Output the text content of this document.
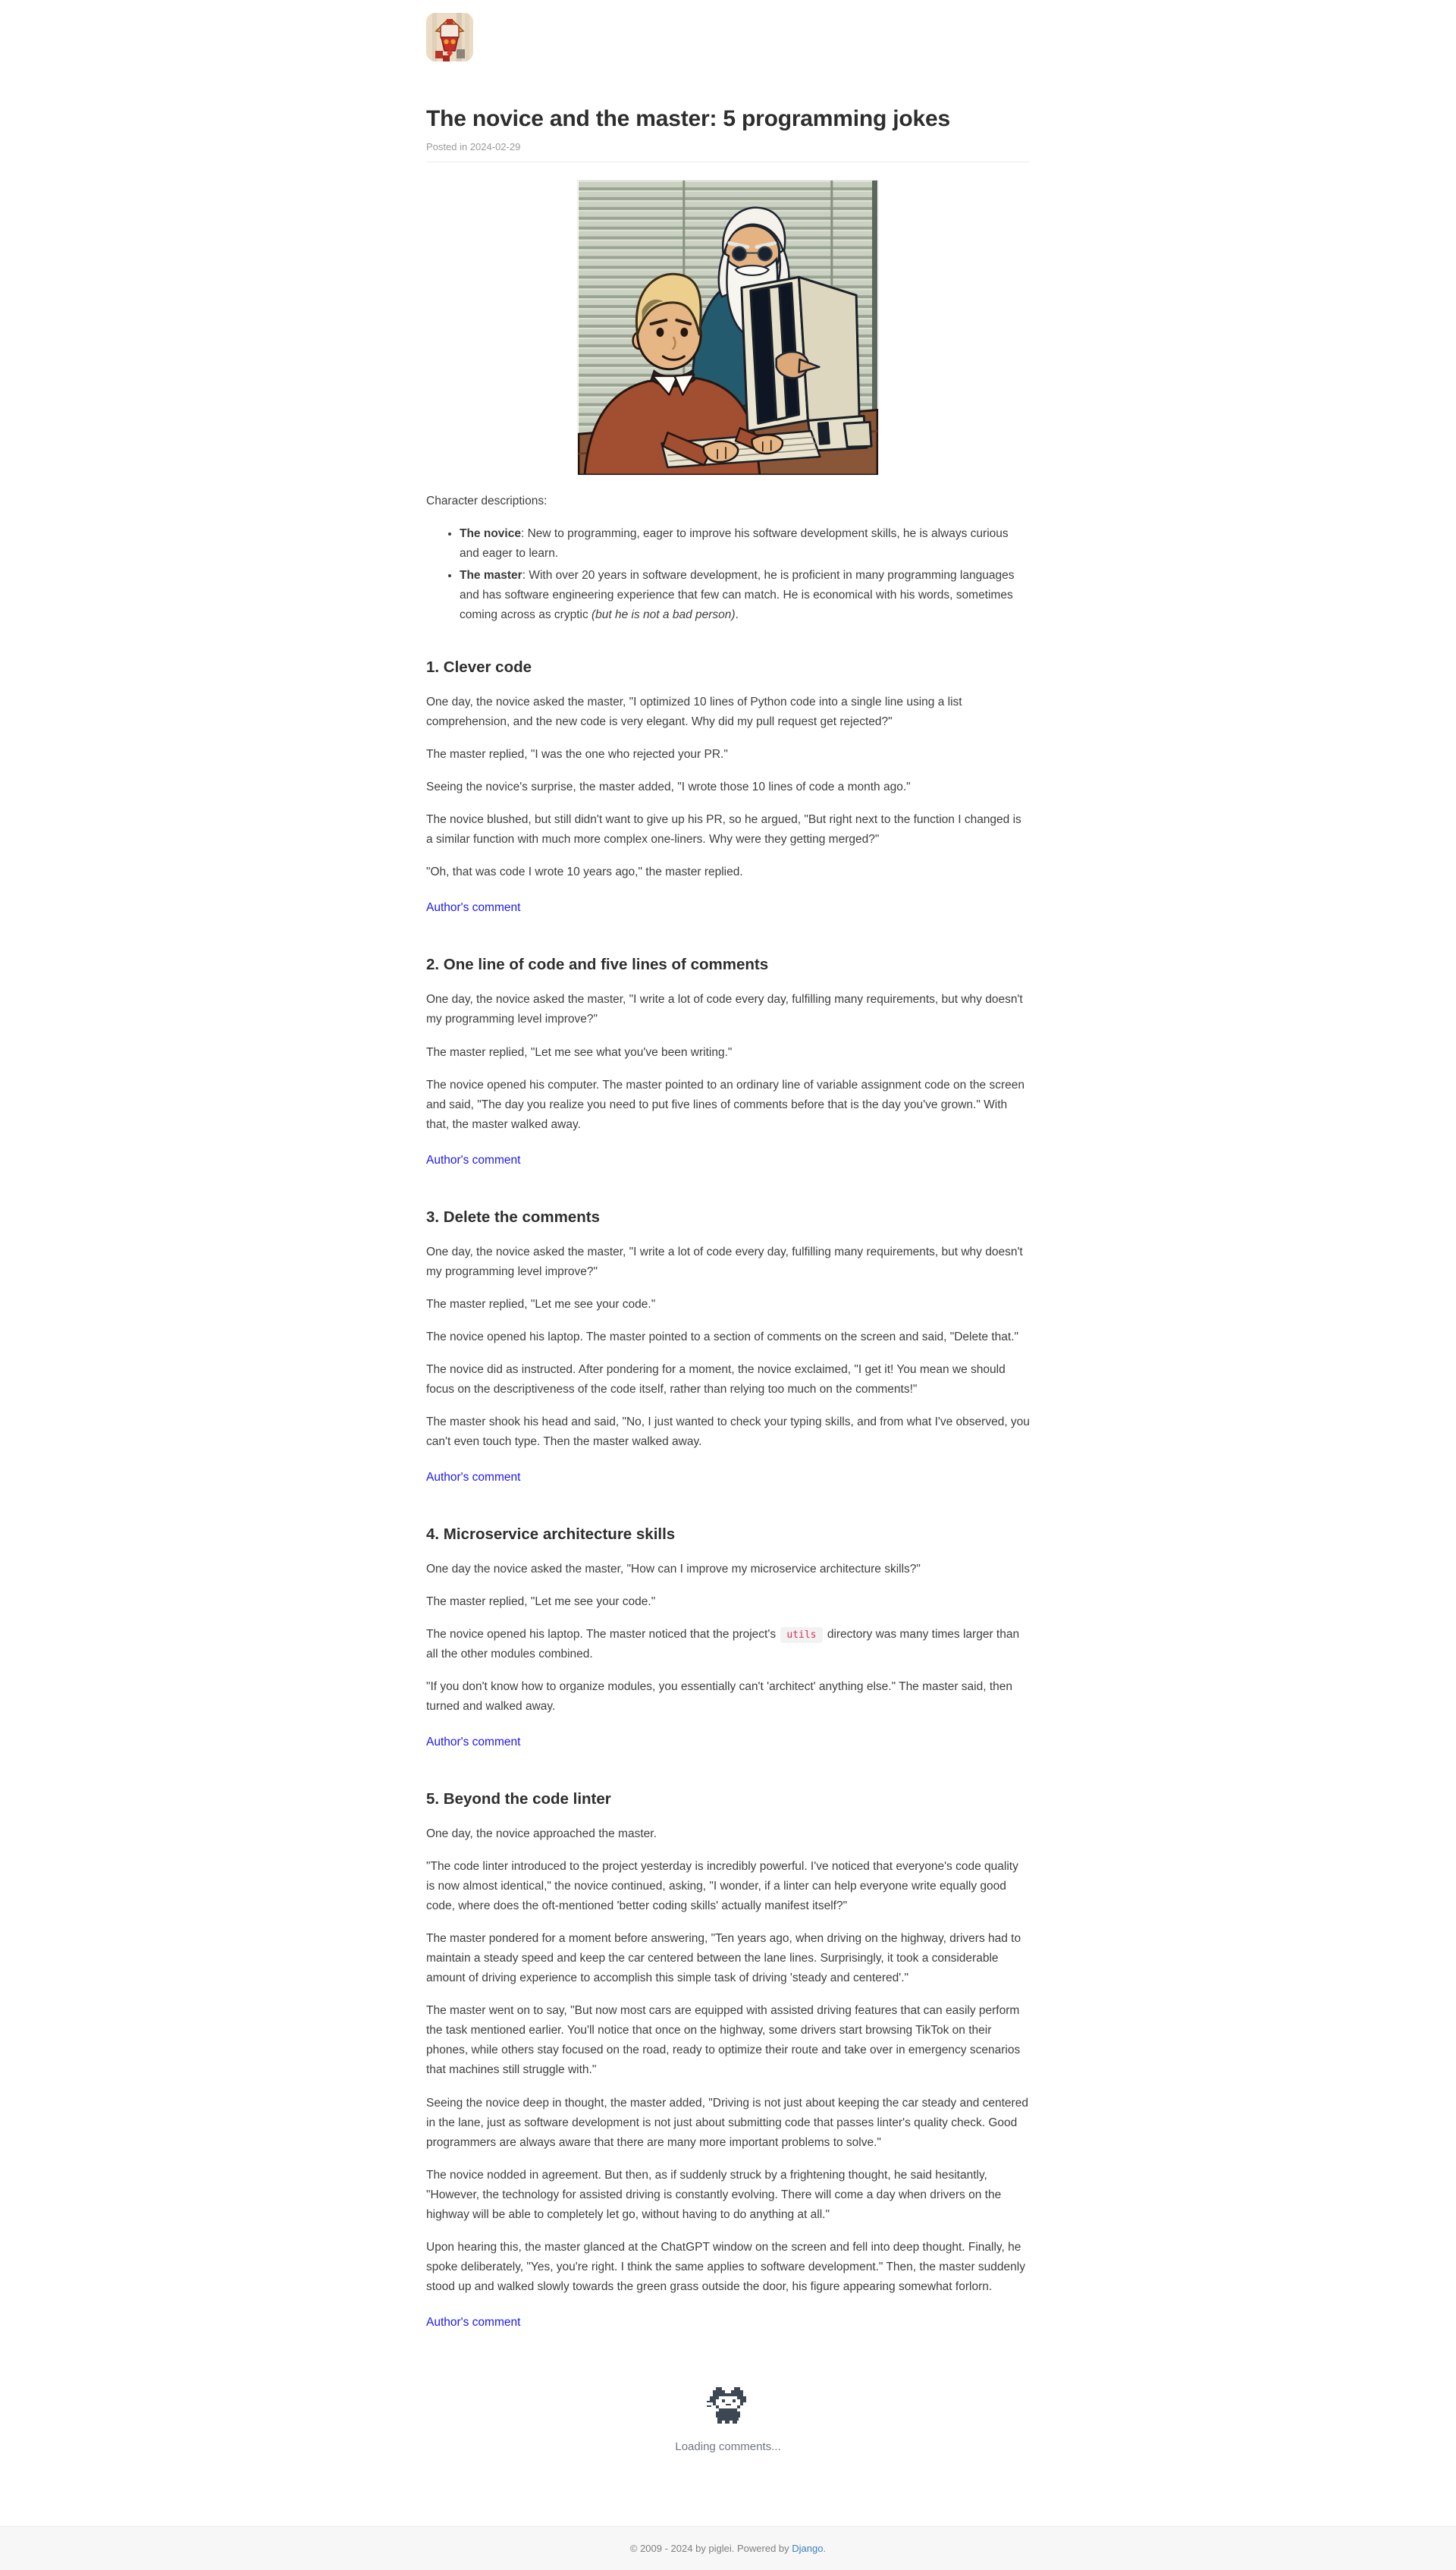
The novice and the master: 5 programming jokes

Posted in 2024-02-29

Character descriptions:

• The novice: New to programming, eager to improve his software development skills, he is always curious and eager to learn.
• The master: With over 20 years in software development, he is proficient in many programming languages and has software engineering experience that few can match. He is economical with his words, sometimes coming across as cryptic (but he is not a bad person).
1. Clever code

One day, the novice asked the master, "I optimized 10 lines of Python code into a single line using a list comprehension, and the new code is very elegant. Why did my pull request get rejected?"

The master replied, "I was the one who rejected your PR."

Seeing the novice's surprise, the master added, "I wrote those 10 lines of code a month ago."

The novice blushed, but still didn't want to give up his PR, so he argued, "But right next to the function I changed is a similar function with much more complex one-liners. Why were they getting merged?"

"Oh, that was code I wrote 10 years ago," the master replied.

Author's comment
2. One line of code and five lines of comments

One day, the novice asked the master, "I write a lot of code every day, fulfilling many requirements, but why doesn't my programming level improve?"

The master replied, "Let me see what you've been writing."

The novice opened his computer. The master pointed to an ordinary line of variable assignment code on the screen and said, "The day you realize you need to put five lines of comments before that is the day you've grown." With that, the master walked away.

Author's comment
3. Delete the comments

One day, the novice asked the master, "I write a lot of code every day, fulfilling many requirements, but why doesn't my programming level improve?"

The master replied, "Let me see your code."

The novice opened his laptop. The master pointed to a section of comments on the screen and said, "Delete that."

The novice did as instructed. After pondering for a moment, the novice exclaimed, "I get it! You mean we should focus on the descriptiveness of the code itself, rather than relying too much on the comments!"

The master shook his head and said, "No, I just wanted to check your typing skills, and from what I've observed, you can't even touch type. Then the master walked away.

Author's comment
4. Microservice architecture skills

One day the novice asked the master, "How can I improve my microservice architecture skills?"

The master replied, "Let me see your code."

The novice opened his laptop. The master noticed that the project's utils directory was many times larger than all the other modules combined.

"If you don't know how to organize modules, you essentially can't 'architect' anything else." The master said, then turned and walked away.

Author's comment
5. Beyond the code linter

One day, the novice approached the master.

"The code linter introduced to the project yesterday is incredibly powerful. I've noticed that everyone's code quality is now almost identical," the novice continued, asking, "I wonder, if a linter can help everyone write equally good code, where does the oft-mentioned 'better coding skills' actually manifest itself?"

The master pondered for a moment before answering, "Ten years ago, when driving on the highway, drivers had to maintain a steady speed and keep the car centered between the lane lines. Surprisingly, it took a considerable amount of driving experience to accomplish this simple task of driving 'steady and centered'."

The master went on to say, "But now most cars are equipped with assisted driving features that can easily perform the task mentioned earlier. You'll notice that once on the highway, some drivers start browsing TikTok on their phones, while others stay focused on the road, ready to optimize their route and take over in emergency scenarios that machines still struggle with."

Seeing the novice deep in thought, the master added, "Driving is not just about keeping the car steady and centered in the lane, just as software development is not just about submitting code that passes linter's quality check. Good programmers are always aware that there are many more important problems to solve."

The novice nodded in agreement. But then, as if suddenly struck by a frightening thought, he said hesitantly, "However, the technology for assisted driving is constantly evolving. There will come a day when drivers on the highway will be able to completely let go, without having to do anything at all."

Upon hearing this, the master glanced at the ChatGPT window on the screen and fell into deep thought. Finally, he spoke deliberately, "Yes, you're right. I think the same applies to software development." Then, the master suddenly stood up and walked slowly towards the green grass outside the door, his figure appearing somewhat forlorn.

Author's comment
Loading comments...
© 2009 - 2024 by piglei. Powered by Django.
